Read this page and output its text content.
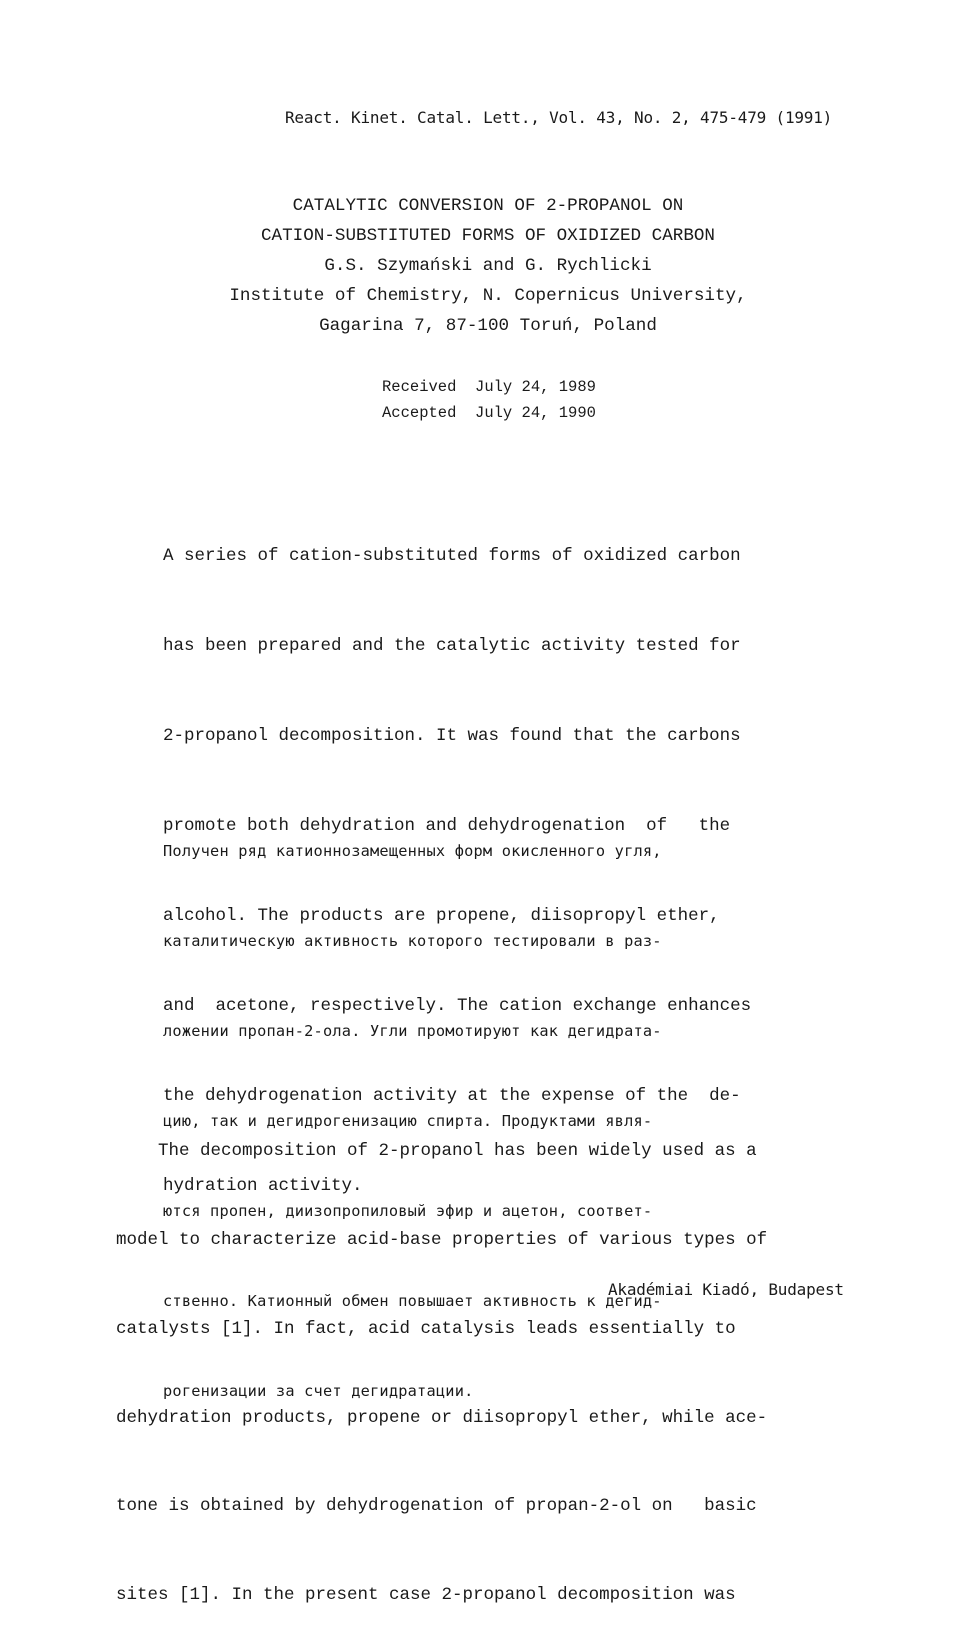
React. Kinet. Catal. Lett., Vol. 43, No. 2, 475-479 (1991)
CATALYTIC CONVERSION OF 2-PROPANOL ON
CATION-SUBSTITUTED FORMS OF OXIDIZED CARBON
G.S. Szymański and G. Rychlicki
Institute of Chemistry, N. Copernicus University,
Gagarina 7, 87-100 Toruń, Poland
Received  July 24, 1989
Accepted  July 24, 1990

A series of cation-substituted forms of oxidized carbon

has been prepared and the catalytic activity tested for

2-propanol decomposition. It was found that the carbons

promote both dehydration and dehydrogenation  of   the

alcohol. The products are propene, diisopropyl ether,

and  acetone, respectively. The cation exchange enhances

the dehydrogenation activity at the expense of the  de-

hydration activity.

Получен ряд катионнозамещенных форм окисленного угля,

каталитическую активность которого тестировали в раз-

ложении пропан-2-ола. Угли промотируют как дегидрата-

цию, так и дегидрогенизацию спирта. Продуктами явля-

ются пропен, диизопропиловый эфир и ацетон, соответ-

ственно. Катионный обмен повышает активность к дегид-

рогенизации за счет дегидратации.

The decomposition of 2-propanol has been widely used as a

model to characterize acid-base properties of various types of

catalysts [1]. In fact, acid catalysis leads essentially to

dehydration products, propene or diisopropyl ether, while ace-

tone is obtained by dehydrogenation of propan-2-ol on   basic

sites [1]. In the present case 2-propanol decomposition was

Akadémiai Kiadó, Budapest
